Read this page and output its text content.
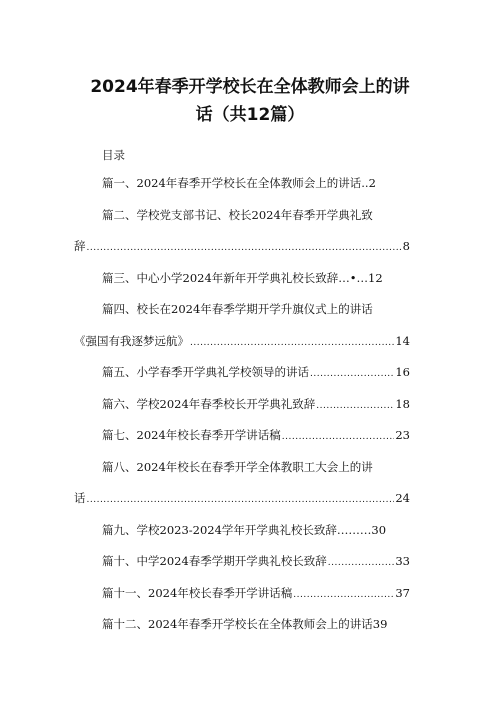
2024年春季开学校长在全体教师会上的讲
话（共12篇）
目录
篇一、2024年春季开学校长在全体教师会上的讲话..2
篇二、学校党支部书记、校长2024年春季开学典礼致
辞 .....	8
篇三、中心小学2024年新年开学典礼校长致辞…•…12
篇四、校长在2024年春季学期开学升旗仪式上的讲话
《强国有我逐梦远航》 .....	14
篇五、小学春季开学典礼学校领导的讲话 .....	16
篇六、学校2024年春季校长开学典礼致辞 .....	18
篇七、2024年校长春季开学讲话稿 .....	23
篇八、2024年校长在春季开学全体教职工大会上的讲
话 .....	24
篇九、学校2023-2024学年开学典礼校长致辞………30
篇十、中学2024春季学期开学典礼校长致辞 .....	33
篇十一、2024年校长春季开学讲话稿 .....	37
篇十二、2024年春季开学校长在全体教师会上的讲话39
